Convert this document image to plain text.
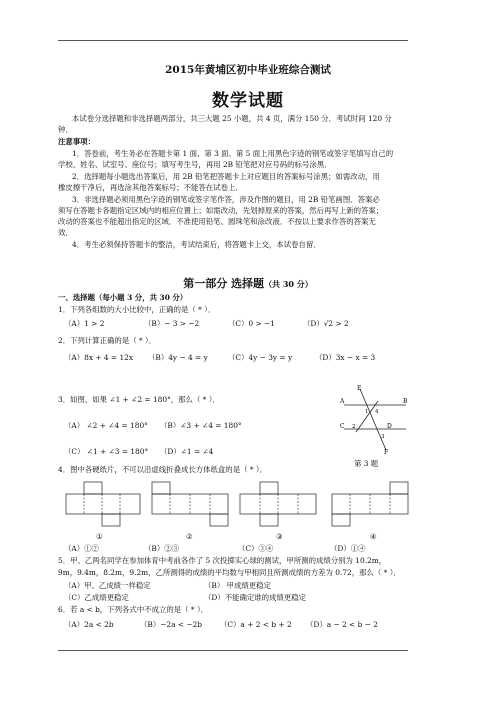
2015年黄埔区初中毕业班综合测试
数学试题
本试卷分选择题和非选择题两部分，共三大题 25 小题，共 4 页，满分 150 分．考试时间 120 分
钟．
注意事项：
1．答卷前，考生务必在答题卡第 1 面、第 3 面、第 5 面上用黑色字迹的钢笔或签字笔填写自己的
学校、姓名、试室号、座位号；填写考生号，再用 2B 铅笔把对应号码的标号涂黑．
2．选择题每小题选出答案后，用 2B 铅笔把答题卡上对应题目的答案标号涂黑；如需改动，用
橡皮擦干净后，再选涂其他答案标号；不能答在试卷上．
3．非选择题必须用黑色字迹的钢笔或签字笔作答，涉及作图的题目，用 2B 铅笔画图．答案必
须写在答题卡各题指定区域内的相应位置上；如需改动，先划掉原来的答案，然后再写上新的答案；
改动的答案也不能超出指定的区域．不准使用铅笔、圆珠笔和涂改液．不按以上要求作答的答案无
效．
4．考生必须保持答题卡的整洁，考试结束后，将答题卡上交，本试卷自留．
第一部分 选择题（共 30 分）
一、选择题（每小题 3 分，共 30 分）
1．下列各组数的大小比较中，正确的是（ * ）．
（A）1 > 2	（B）− 3 > −2	（C）0 > −1	（D）√2 > 2
2．下列计算正确的是（ * ）．
（A）8x + 4 = 12x （B）4y − 4 = y	（C）4y − 3y = y	（D）3x − x = 3
3．如图，如果 ∠1 + ∠2 = 180°，那么（ * ）．
（A） ∠2 + ∠4 = 180° （B）∠3 + ∠4 = 180°
（C） ∠1 + ∠3 = 180° （D）∠1 = ∠4
E
A	B
1 4
C 2	D
3
F
第 3 题
4．图中各硬纸片，不可以沿虚线折叠成长方体纸盒的是（ * ）．
①	②	③	④
（A）①②	（B）②③	（C）③④	（D）①④
5．甲、乙两名同学在参加体育中考前各作了 5 次投掷实心球的测试，甲所测的成绩分别为 10.2m，
9m，9.4m，8.2m，9.2m，乙所测得的成绩的平均数与甲相同且所测成绩的方差为 0.72，那么（ * ）．
（A）甲、乙成绩一样稳定	（B） 甲成绩更稳定
（C）乙成绩更稳定	（D）不能确定谁的成绩更稳定
6．若 a < b，下列各式中不成立的是（ * ）．
（A）2a < 2b	（B）−2a < −2b （C）a + 2 < b + 2 （D）a − 2 < b − 2
